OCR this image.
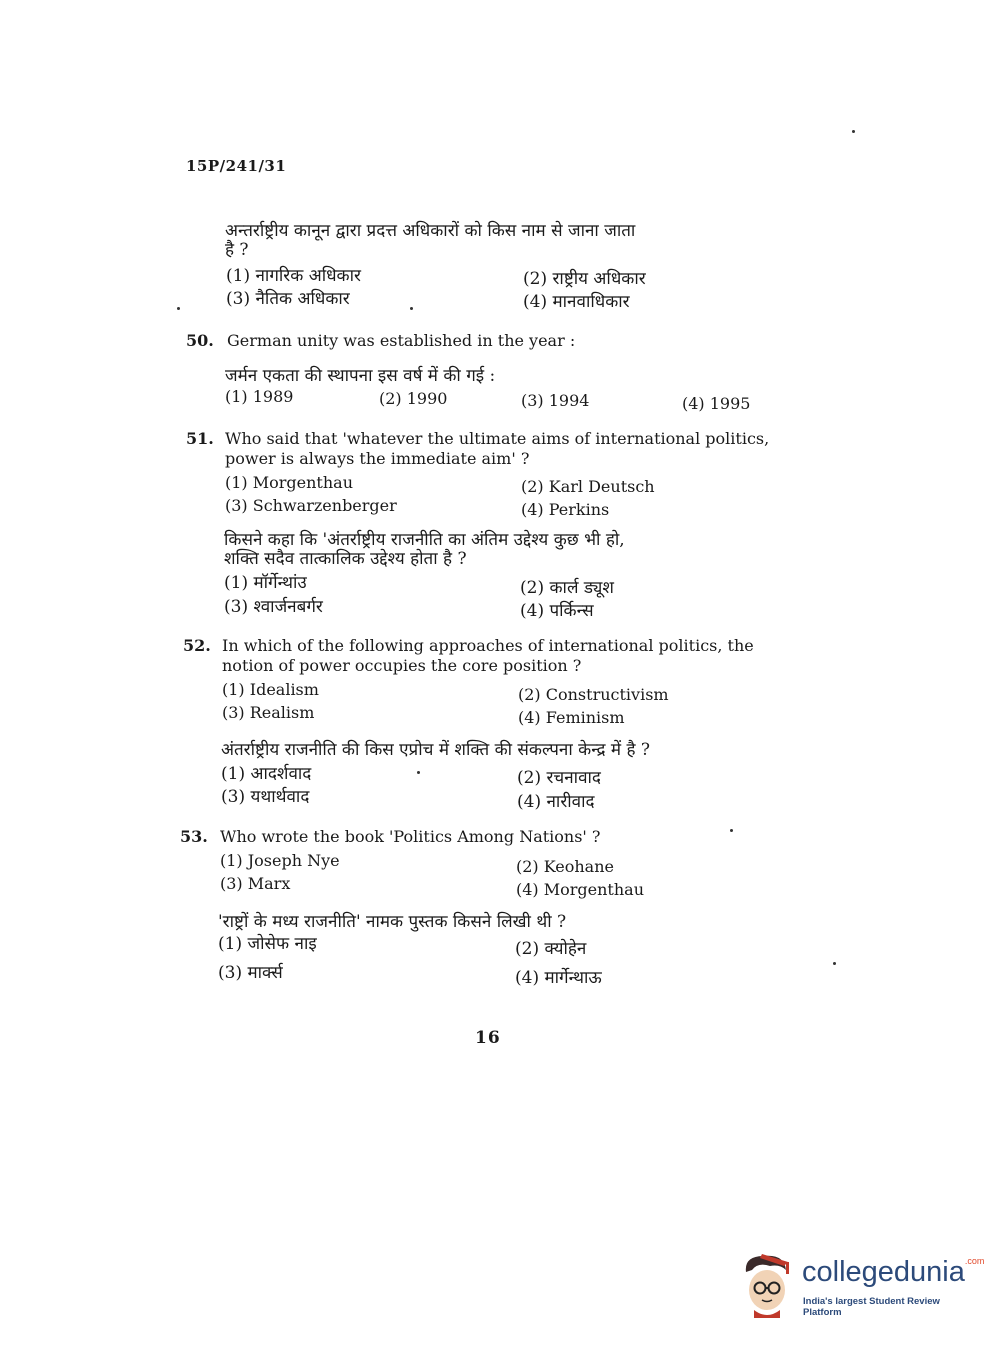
15P/241/31
अन्तर्राष्ट्रीय कानून द्वारा प्रदत्त अधिकारों को किस नाम से जाना जाता
है ?
(1) नागरिक अधिकार	(2) राष्ट्रीय अधिकार
(3) नैतिक अधिकार	(4) मानवाधिकार
50. German unity was established in the year :
जर्मन एकता की स्थापना इस वर्ष में की गई :
(1) 1989	(2) 1990	(3) 1994	(4) 1995
51. Who said that 'whatever the ultimate aims of international politics,
power is always the immediate aim' ?
(1) Morgenthau	(2) Karl Deutsch
(3) Schwarzenberger	(4) Perkins
किसने कहा कि 'अंतर्राष्ट्रीय राजनीति का अंतिम उद्देश्य कुछ भी हो,
शक्ति सदैव तात्कालिक उद्देश्य होता है ?
(1) मॉर्गेन्थांउ	(2) कार्ल ड्यूश
(3) श्वार्जनबर्गर	(4) पर्किन्स
52. In which of the following approaches of international politics, the
notion of power occupies the core position ?
(1) Idealism	(2) Constructivism
(3) Realism	(4) Feminism
अंतर्राष्ट्रीय राजनीति की किस एप्रोच में शक्ति की संकल्पना केन्द्र में है ?
(1) आदर्शवाद	(2) रचनावाद
(3) यथार्थवाद	(4) नारीवाद
53. Who wrote the book 'Politics Among Nations' ?
(1) Joseph Nye	(2) Keohane
(3) Marx	(4) Morgenthau
'राष्ट्रों के मध्य राजनीति' नामक पुस्तक किसने लिखी थी ?
(1) जोसेफ नाइ	(2) क्योहेन
(3) मार्क्स	(4) मार्गेन्थाऊ
16
collegedunia$^{.com}$
India's largest Student Review Platform
